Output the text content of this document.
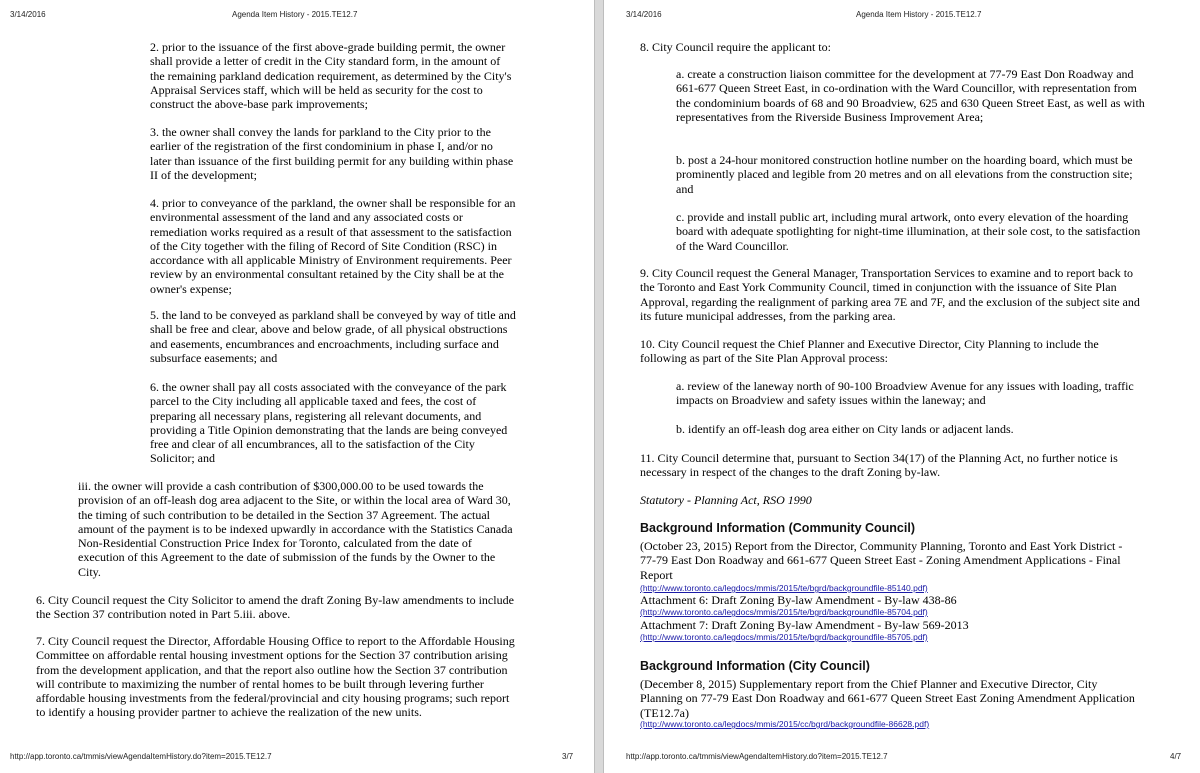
3/14/2016	Agenda Item History - 2015.TE12.7

2. prior to the issuance of the first above-grade building permit, the owner shall provide a letter of credit in the City standard form, in the amount of the remaining parkland dedication requirement, as determined by the City's Appraisal Services staff, which will be held as security for the cost to construct the above-base park improvements;

3. the owner shall convey the lands for parkland to the City prior to the earlier of the registration of the first condominium in phase I, and/or no later than issuance of the first building permit for any building within phase II of the development;

4. prior to conveyance of the parkland, the owner shall be responsible for an environmental assessment of the land and any associated costs or remediation works required as a result of that assessment to the satisfaction of the City together with the filing of Record of Site Condition (RSC) in accordance with all applicable Ministry of Environment requirements. Peer review by an environmental consultant retained by the City shall be at the owner's expense;

5. the land to be conveyed as parkland shall be conveyed by way of title and shall be free and clear, above and below grade, of all physical obstructions and easements, encumbrances and encroachments, including surface and subsurface easements; and

6. the owner shall pay all costs associated with the conveyance of the park parcel to the City including all applicable taxed and fees, the cost of preparing all necessary plans, registering all relevant documents, and providing a Title Opinion demonstrating that the lands are being conveyed free and clear of all encumbrances, all to the satisfaction of the City Solicitor; and

iii. the owner will provide a cash contribution of $300,000.00 to be used towards the provision of an off-leash dog area adjacent to the Site, or within the local area of Ward 30, the timing of such contribution to be detailed in the Section 37 Agreement. The actual amount of the payment is to be indexed upwardly in accordance with the Statistics Canada Non-Residential Construction Price Index for Toronto, calculated from the date of execution of this Agreement to the date of submission of the funds by the Owner to the City.

6. City Council request the City Solicitor to amend the draft Zoning By-law amendments to include the Section 37 contribution noted in Part 5.iii. above.

7. City Council request the Director, Affordable Housing Office to report to the Affordable Housing Committee on affordable rental housing investment options for the Section 37 contribution arising from the development application, and that the report also outline how the Section 37 contribution will contribute to maximizing the number of rental homes to be built through levering further affordable housing investments from the federal/provincial and city housing programs; such report to identify a housing provider partner to achieve the realization of the new units.

http://app.toronto.ca/tmmis/viewAgendaItemHistory.do?item=2015.TE12.7	3/7
3/14/2016	Agenda Item History - 2015.TE12.7

8. City Council require the applicant to:

a. create a construction liaison committee for the development at 77-79 East Don Roadway and 661-677 Queen Street East, in co-ordination with the Ward Councillor, with representation from the condominium boards of 68 and 90 Broadview, 625 and 630 Queen Street East, as well as with representatives from the Riverside Business Improvement Area;

b. post a 24-hour monitored construction hotline number on the hoarding board, which must be prominently placed and legible from 20 metres and on all elevations from the construction site; and

c. provide and install public art, including mural artwork, onto every elevation of the hoarding board with adequate spotlighting for night-time illumination, at their sole cost, to the satisfaction of the Ward Councillor.

9. City Council request the General Manager, Transportation Services to examine and to report back to the Toronto and East York Community Council, timed in conjunction with the issuance of Site Plan Approval, regarding the realignment of parking area 7E and 7F, and the exclusion of the subject site and its future municipal addresses, from the parking area.

10. City Council request the Chief Planner and Executive Director, City Planning to include the following as part of the Site Plan Approval process:

a. review of the laneway north of 90-100 Broadview Avenue for any issues with loading, traffic impacts on Broadview and safety issues within the laneway; and

b. identify an off-leash dog area either on City lands or adjacent lands.

11. City Council determine that, pursuant to Section 34(17) of the Planning Act, no further notice is necessary in respect of the changes to the draft Zoning by-law.

Statutory - Planning Act, RSO 1990

Background Information (Community Council)

(October 23, 2015) Report from the Director, Community Planning, Toronto and East York District - 77-79 East Don Roadway and 661-677 Queen Street East - Zoning Amendment Applications - Final Report

(http://www.toronto.ca/legdocs/mmis/2015/te/bgrd/backgroundfile-85140.pdf)

Attachment 6: Draft Zoning By-law Amendment - By-law 438-86

(http://www.toronto.ca/legdocs/mmis/2015/te/bgrd/backgroundfile-85704.pdf)

Attachment 7: Draft Zoning By-law Amendment - By-law 569-2013

(http://www.toronto.ca/legdocs/mmis/2015/te/bgrd/backgroundfile-85705.pdf)
Background Information (City Council)

(December 8, 2015) Supplementary report from the Chief Planner and Executive Director, City Planning on 77-79 East Don Roadway and 661-677 Queen Street East Zoning Amendment Application (TE12.7a)

(http://www.toronto.ca/legdocs/mmis/2015/cc/bgrd/backgroundfile-86628.pdf)
http://app.toronto.ca/tmmis/viewAgendaItemHistory.do?item=2015.TE12.7	4/7
